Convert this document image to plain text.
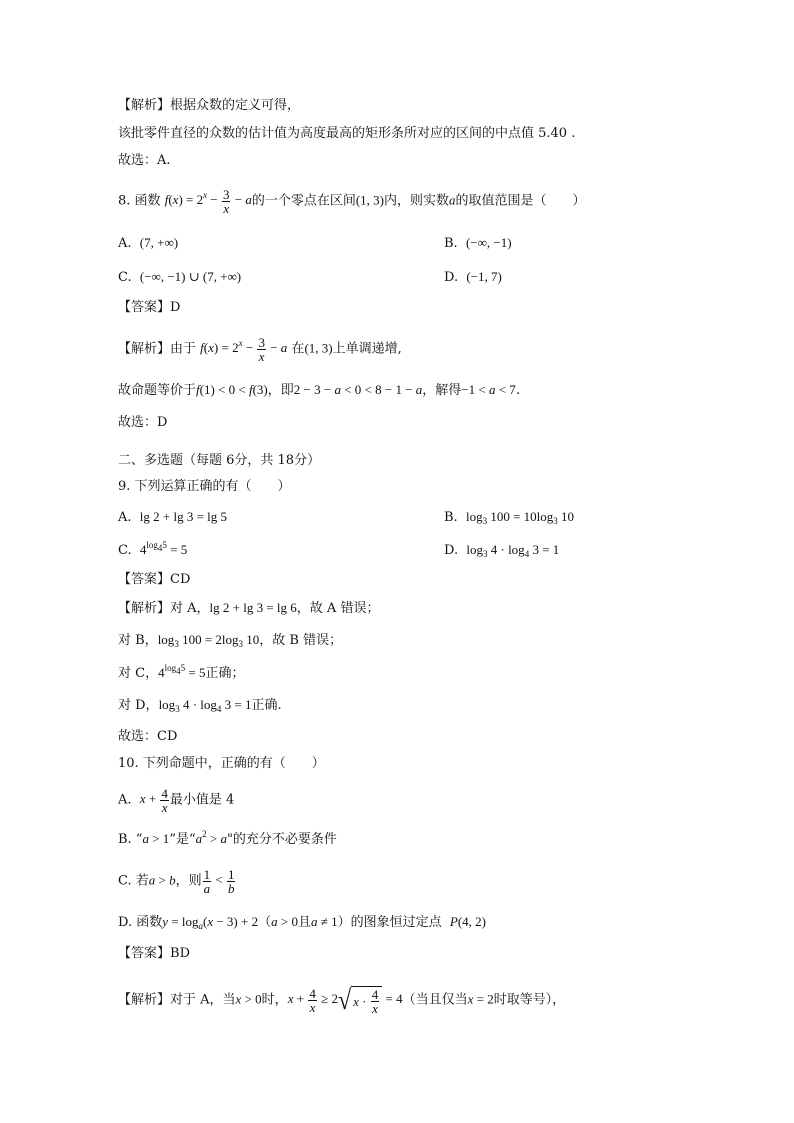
【解析】根据众数的定义可得，
该批零件直径的众数的估计值为高度最高的矩形条所对应的区间的中点值 5.40 .
故选：A.
8. 函数 $f(x) = 2^x - \frac{3}{x} - a$的一个零点在区间(1, 3)内，则实数a的取值范围是（　　）
A. (7, +∞)	B. (−∞, −1)
C. (−∞, −1) ∪ (7, +∞)	D. (−1, 7)
【答案】D
【解析】由于 $f(x) = 2^x - \frac{3}{x} - a$ 在(1, 3)上单调递增,
故命题等价于f(1) < 0 < f(3)，即2 − 3 − a < 0 < 8 − 1 − a，解得−1 < a < 7.
故选：D
二、多选题（每题 6分，共 18分）
9. 下列运算正确的有（　　）
A. lg 2 + lg 3 = lg 5	B. $\log_3 100 = 10\log_3$ 10
C. $4^{log_45} = 5$	D. $\log_3 4 \cdot \log_4 3 = 1$
【答案】CD
【解析】对 A，lg 2 + lg 3 = lg 6，故 A 错误；
对 B，$\log_3 100 = 2\log_3$ 10，故 B 错误；
对 C，$4^{log_45} = 5$正确；
对 D，$\log_3 4 \cdot \log_4 3 = 1$正确.
故选：CD
10. 下列命题中，正确的有（　　）
A. $x + \frac{4}{x}$ 最小值是 4
B. “a > 1”是“$a^2 > a$"的充分不必要条件
C. 若a > b，则 $\frac{1}{a} < \frac{1}{b}$
D. 函数$y = \log_a(x - 3) + 2(a > 0$且a ≠ 1）的图象恒过定点 P(4, 2)
【答案】BD
【解析】对于 A，当x > 0时，$x + \frac{4}{x} \ge 2$ √ $x \cdot \frac{4}{x} = 4$（当且仅当x = 2时取等号），
